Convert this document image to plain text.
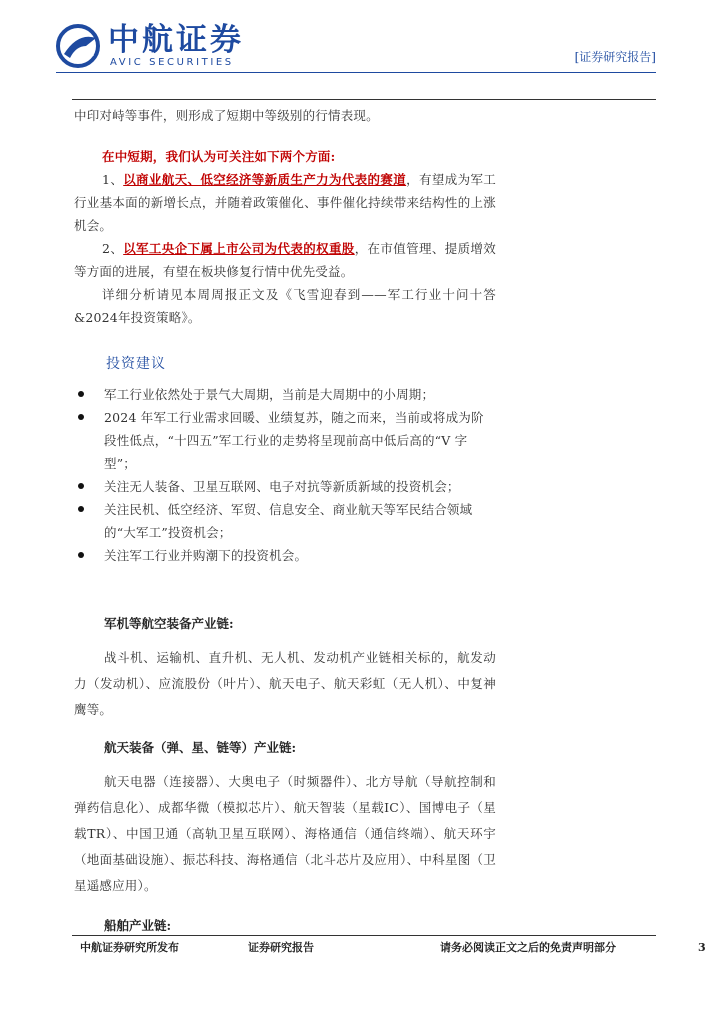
AVIC 中航证券
AVIC SECURITIES	[证券研究报告]

中印对峙等事件，则形成了短期中等级别的行情表现。

在中短期，我们认为可关注如下两个方面:

1、以商业航天、低空经济等新质生产力为代表的赛道，有望成为军工行业基本面的新增长点，并随着政策催化、事件催化持续带来结构性的上涨机会。

2、以军工央企下属上市公司为代表的权重股，在市值管理、提质增效等方面的进展，有望在板块修复行情中优先受益。

详细分析请见本周周报正文及《飞雪迎春到——军工行业十问十答&2024年投资策略》。

投资建议
军工行业依然处于景气大周期，当前是大周期中的小周期；
2024 年军工行业需求回暖、业绩复苏，随之而来，当前或将成为阶段性低点，“十四五”军工行业的走势将呈现前高中低后高的“V 字型”；
关注无人装备、卫星互联网、电子对抗等新质新域的投资机会；
关注民机、低空经济、军贸、信息安全、商业航天等军民结合领域的“大军工”投资机会；
关注军工行业并购潮下的投资机会。
军机等航空装备产业链:

战斗机、运输机、直升机、无人机、发动机产业链相关标的，航发动力（发动机）、应流股份（叶片）、航天电子、航天彩虹（无人机）、中复神鹰等。

航天装备（弹、星、链等）产业链:

航天电器（连接器）、大奥电子（时频器件）、北方导航（导航控制和弹药信息化）、成都华微（模拟芯片）、航天智装（星载IC）、国博电子（星载TR）、中国卫通（高轨卫星互联网）、海格通信（通信终端）、航天环宇（地面基础设施）、振芯科技、海格通信（北斗芯片及应用）、中科星图（卫星遥感应用）。

船舶产业链:
中航证券研究所发布	证券研究报告	请务必阅读正文之后的免责声明部分	3
